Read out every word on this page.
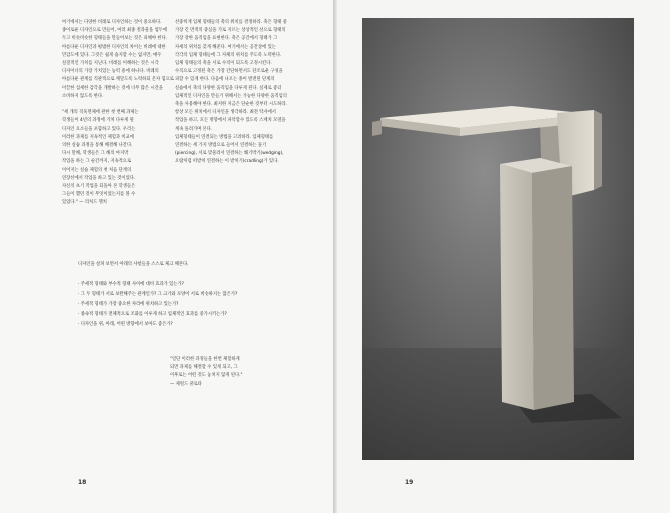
여기에서는 다양한 비례로 디자인하는 것이 중요하다.

종이로운 디자인으로 만들어, 여러 최종 결과물을 염두에

두고 비슷비슷한 형태들을 만들어보는 것은 피해야 한다.

아름다운 디자인과 평범한 디자인의 차이는 비례에 대한

민감도에 있다. 그것은 쉽게 습지할 수는 없지만, 매우

실질적인 가치를 지닌다. 비례를 이해하는 것은 시각

디자이너의 가장 가치있는 능력 중에 하나다. 비례의

아름다운 관계를 직관적으로 깨달도록 노력하되 온자 힘으로

이끌한 섬세한 감각을 개발하는 것에 너무 많은 시간을

소비하지 않도록 한다.

"세 개의 직육면체에 관한 첫 번째 과제는

학생들이 4년의 과정에 거쳐 다루게 될

디자인 요소들을 포함하고 있다. 우리는

이러한 과제를 지속적인 체험과 비교에

의한 실습 과정을 통해 해결해 나간다.

다시 말해, 학생들은 그 해의 마지막

작업을 하는 그 순간까지, 지속적으로

이어지는 실습 체험의 첫 처음 단계의

연장선에서 작업을 하고 있는 것이었다.

자신의 초기 작업을 되돌아 본 학생들은

그들이 했던 것이 무엇이었는지를 볼 수

있었다." — 리처드 헬치

선중히게 입체 형태들의 축의 위치를 결정하라. 축은 형태 중

가장 긴 면적의 중심을 가로 지르는 상상적인 선으로 형태의

가장 강한 움직임을 표현한다. 축은 공간에서 형태가 그

자세의 위치를 갖게 해준다. 여기에서는 공간상에 있는

각각의 입체 형태들에 그 자체의 위치를 주도록 노력한다.

입체 형태들의 축을 서로 수직이 되도록 고정시킨다.

수직으로 고정된 축은 가장 간단하면서도 단조로운 구성을

피할 수 있게 한다. 다음에 나오는 종이 발전된 단계의

실습에서 축의 다양한 움직임을 다루게 된다. 실제로 좋더

입체적인 디자인을 만들기 위해서는 가능한 다양한 움직임의

축을 사용해야 한다. 최저한 지금은 단순한 것부터 시도하라.

항상 모든 위치에서 디자인을 생각하라. 최전 탁자에서

작업을 하고, 모든 방향에서 파악할수 있도록 스케치 모델을

계속 돌려가며 본다.

입체형태들이 연결되는 방법을 고려하라. 입체형태를

연결하는 세 가지 방법으로 들어서 연결하는 돌기

(piercing), 서로 맞물려서 연결하는 쐐기박기(wedging),

요람처럼 떠받쳐 연결하는 이 받치기(cradling)가 있다.

디자인을 살펴 보면서 아래의 사항들을 스스로 체크 해본다.
· 주세적 형태와 부수적 형태 사이에 대비 효과가 있는가?
· 그 두 형태가 서로 보완해주는 관계인가? 그 크기와 모양이 서로 비슷하지는 않은가?
· 주세적 형태가 가장 중요한 자리에 위치하고 있는가?
· 종속적 형태가 전체적으로 조화를 이루게 하고 입체적인 효과를 증가시키는가?
· 디자인을 위, 아래, 어떤 방향에서 보아도 좋은가?

"일단 이러한 과정들을 한번 체험하게

되면 과제를 해결할 수 있게 되고, 그

이후로는 어떤 것도 놓치지 않게 된다."

— 제럴드 쿨로타

18	19
